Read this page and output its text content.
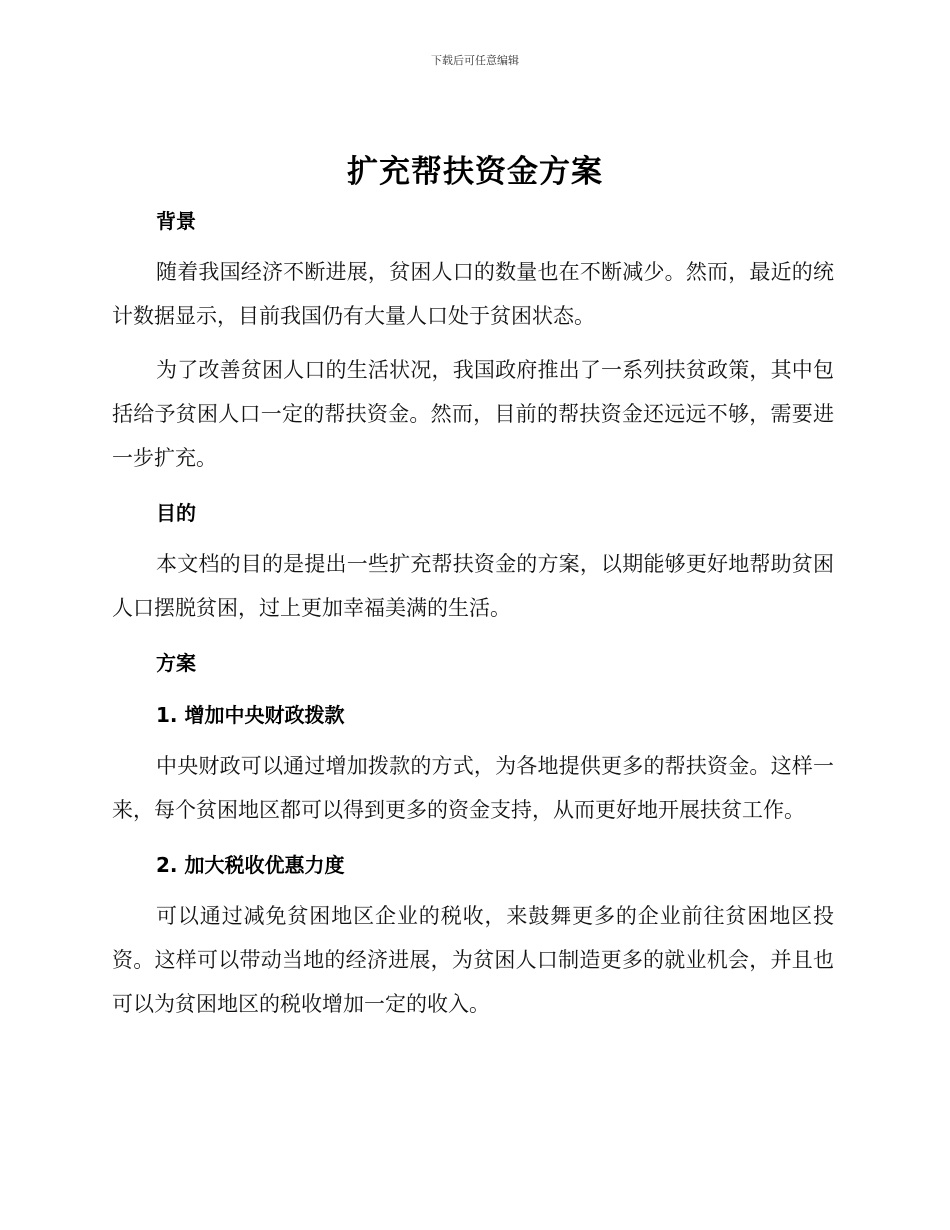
下载后可任意编辑
扩充帮扶资金方案
背景

随着我国经济不断进展，贫困人口的数量也在不断减少。然而，最近的统计数据显示，目前我国仍有大量人口处于贫困状态。

为了改善贫困人口的生活状况，我国政府推出了一系列扶贫政策，其中包括给予贫困人口一定的帮扶资金。然而，目前的帮扶资金还远远不够，需要进一步扩充。

目的

本文档的目的是提出一些扩充帮扶资金的方案，以期能够更好地帮助贫困人口摆脱贫困，过上更加幸福美满的生活。

方案
1. 增加中央财政拨款

中央财政可以通过增加拨款的方式，为各地提供更多的帮扶资金。这样一来，每个贫困地区都可以得到更多的资金支持，从而更好地开展扶贫工作。

2. 加大税收优惠力度

可以通过减免贫困地区企业的税收，来鼓舞更多的企业前往贫困地区投资。这样可以带动当地的经济进展，为贫困人口制造更多的就业机会，并且也可以为贫困地区的税收增加一定的收入。
